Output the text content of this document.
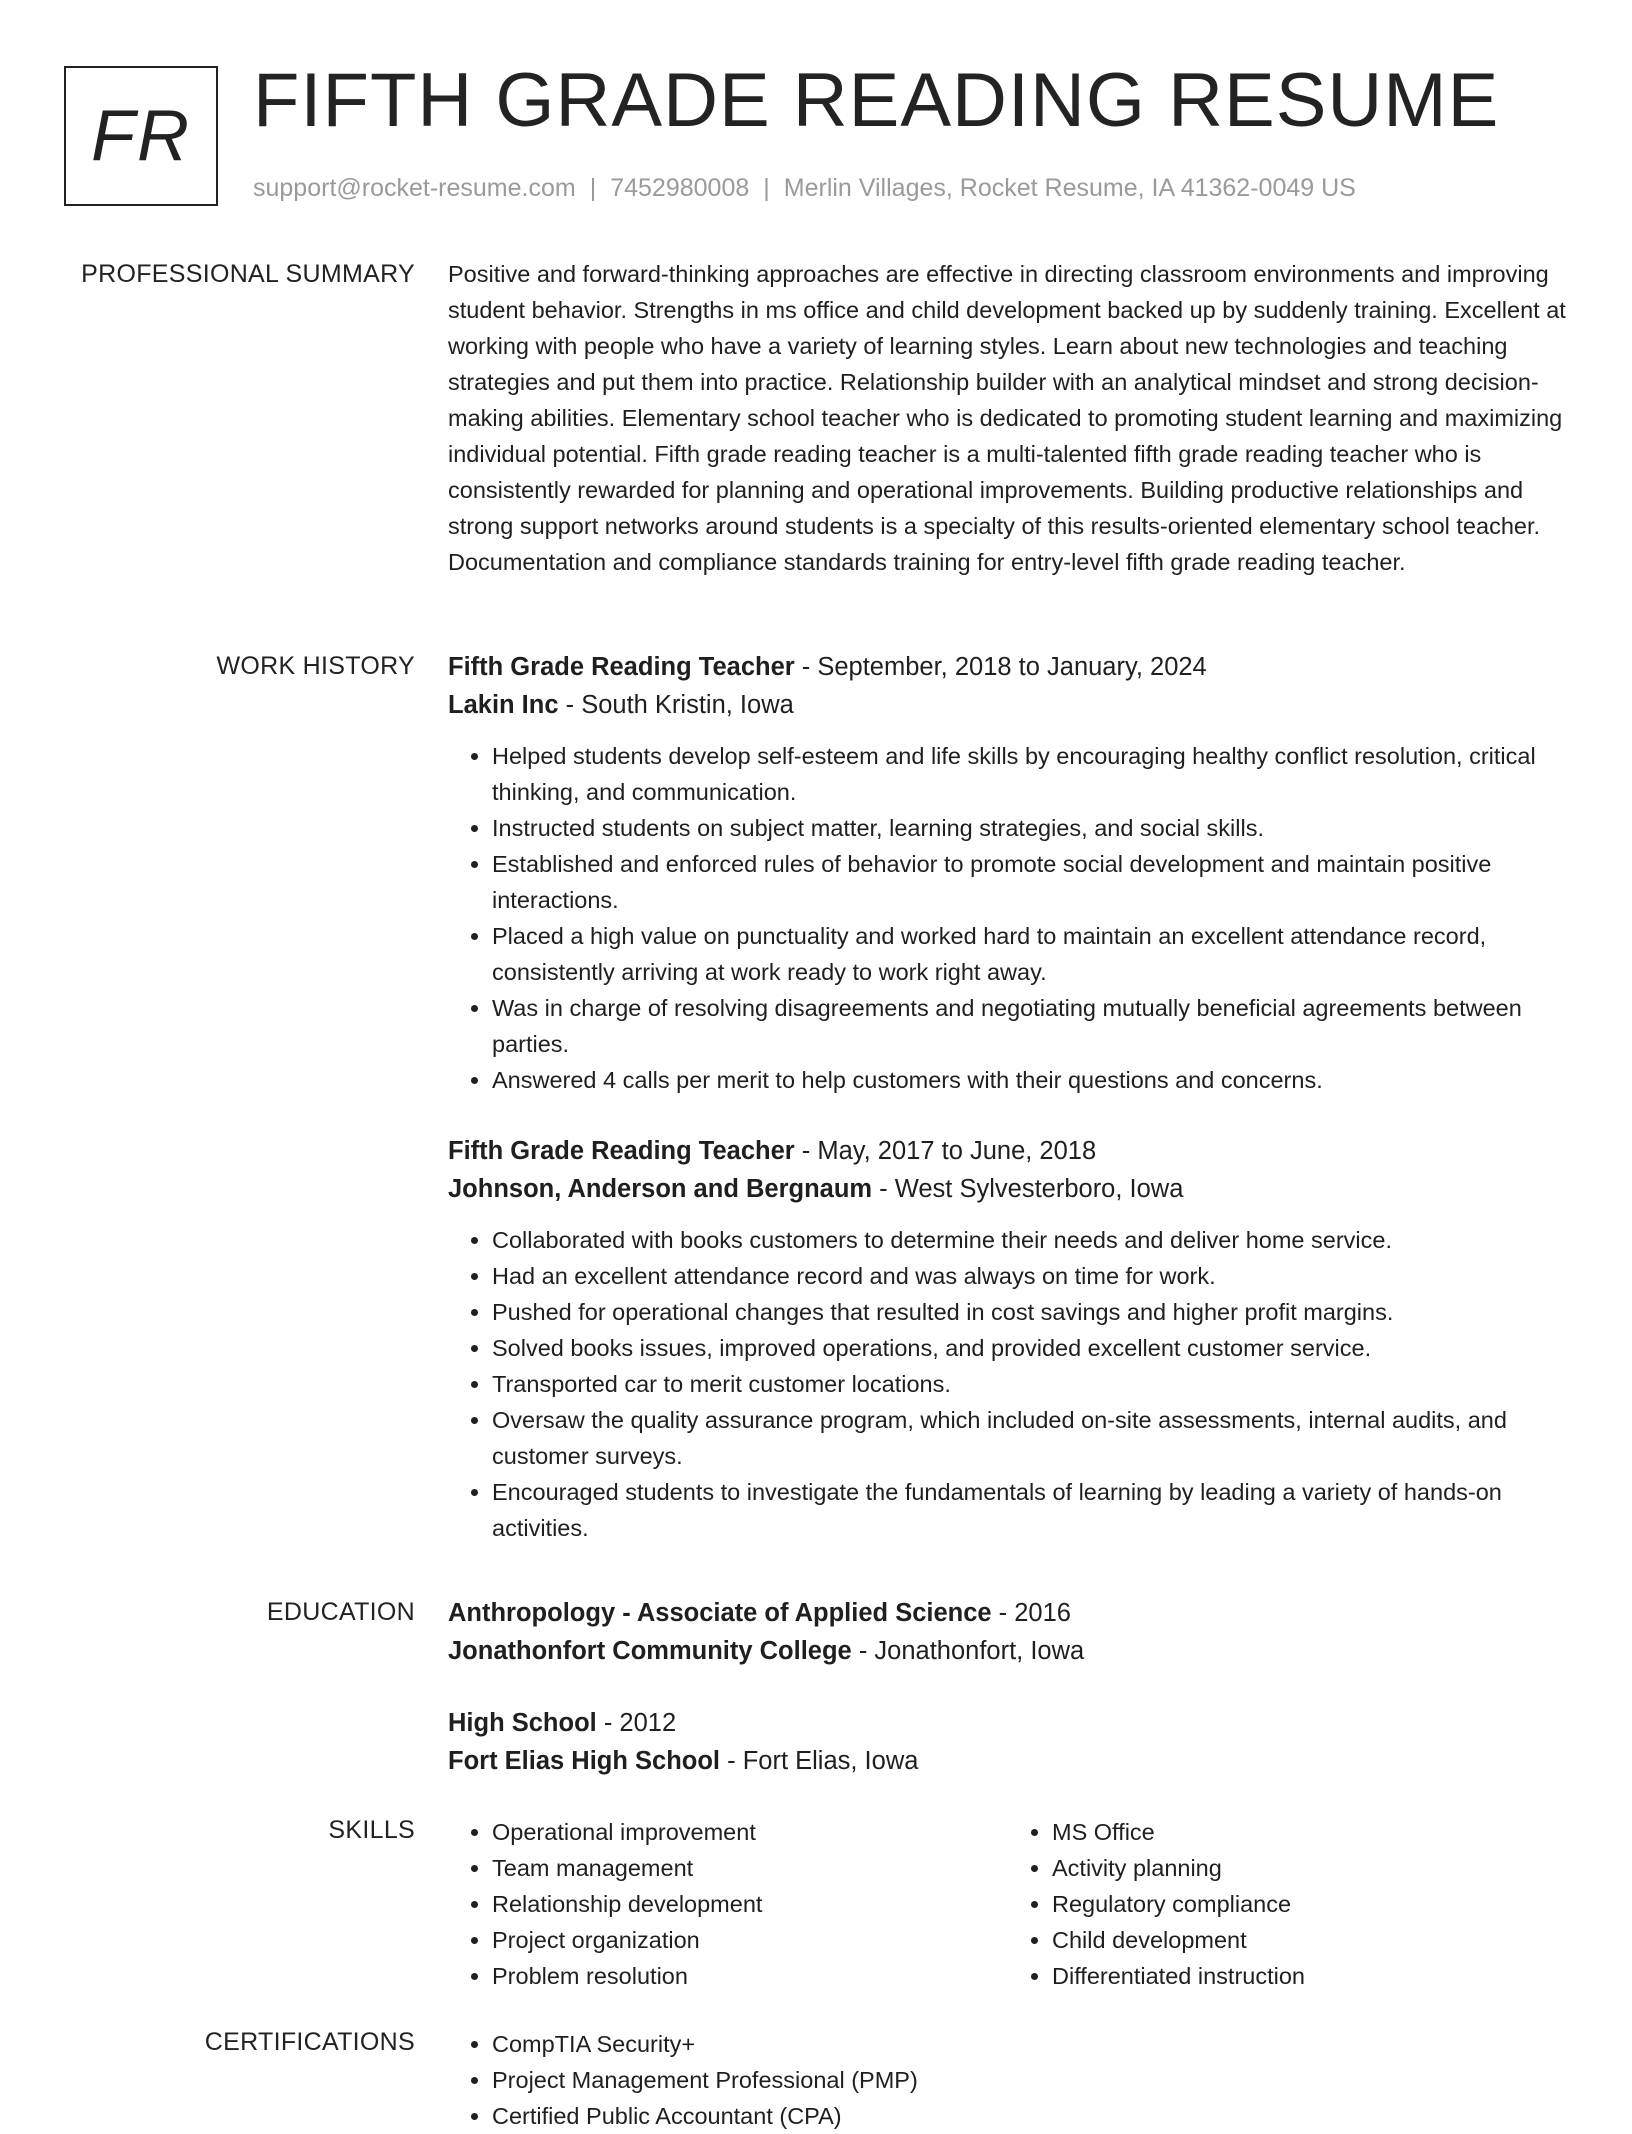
FR FIFTH GRADE READING RESUME
support@rocket-resume.com | 7452980008 | Merlin Villages, Rocket Resume, IA 41362-0049 US
PROFESSIONAL SUMMARY Positive and forward-thinking approaches are effective in directing classroom environments and improving student behavior. Strengths in ms office and child development backed up by suddenly training. Excellent at working with people who have a variety of learning styles. Learn about new technologies and teaching strategies and put them into practice. Relationship builder with an analytical mindset and strong decision-making abilities. Elementary school teacher who is dedicated to promoting student learning and maximizing individual potential. Fifth grade reading teacher is a multi-talented fifth grade reading teacher who is consistently rewarded for planning and operational improvements. Building productive relationships and strong support networks around students is a specialty of this results-oriented elementary school teacher. Documentation and compliance standards training for entry-level fifth grade reading teacher.
WORK HISTORY Fifth Grade Reading Teacher - September, 2018 to January, 2024
Lakin Inc - South Kristin, Iowa
• Helped students develop self-esteem and life skills by encouraging healthy conflict resolution, critical thinking, and communication.
• Instructed students on subject matter, learning strategies, and social skills.
• Established and enforced rules of behavior to promote social development and maintain positive interactions.
• Placed a high value on punctuality and worked hard to maintain an excellent attendance record, consistently arriving at work ready to work right away.
• Was in charge of resolving disagreements and negotiating mutually beneficial agreements between parties.
• Answered 4 calls per merit to help customers with their questions and concerns.
Fifth Grade Reading Teacher - May, 2017 to June, 2018
Johnson, Anderson and Bergnaum - West Sylvesterboro, Iowa
• Collaborated with books customers to determine their needs and deliver home service.
• Had an excellent attendance record and was always on time for work.
• Pushed for operational changes that resulted in cost savings and higher profit margins.
• Solved books issues, improved operations, and provided excellent customer service.
• Transported car to merit customer locations.
• Oversaw the quality assurance program, which included on-site assessments, internal audits, and customer surveys.
• Encouraged students to investigate the fundamentals of learning by leading a variety of hands-on activities.
EDUCATION Anthropology - Associate of Applied Science - 2016
Jonathonfort Community College - Jonathonfort, Iowa
High School - 2012
Fort Elias High School - Fort Elias, Iowa
SKILLS	• Operational improvement
• Team management
• Relationship development
• Project organization
• Problem resolution
• MS Office
• Activity planning
• Regulatory compliance
• Child development
• Differentiated instruction
CERTIFICATIONS	• CompTIA Security+
• Project Management Professional (PMP)
• Certified Public Accountant (CPA)
